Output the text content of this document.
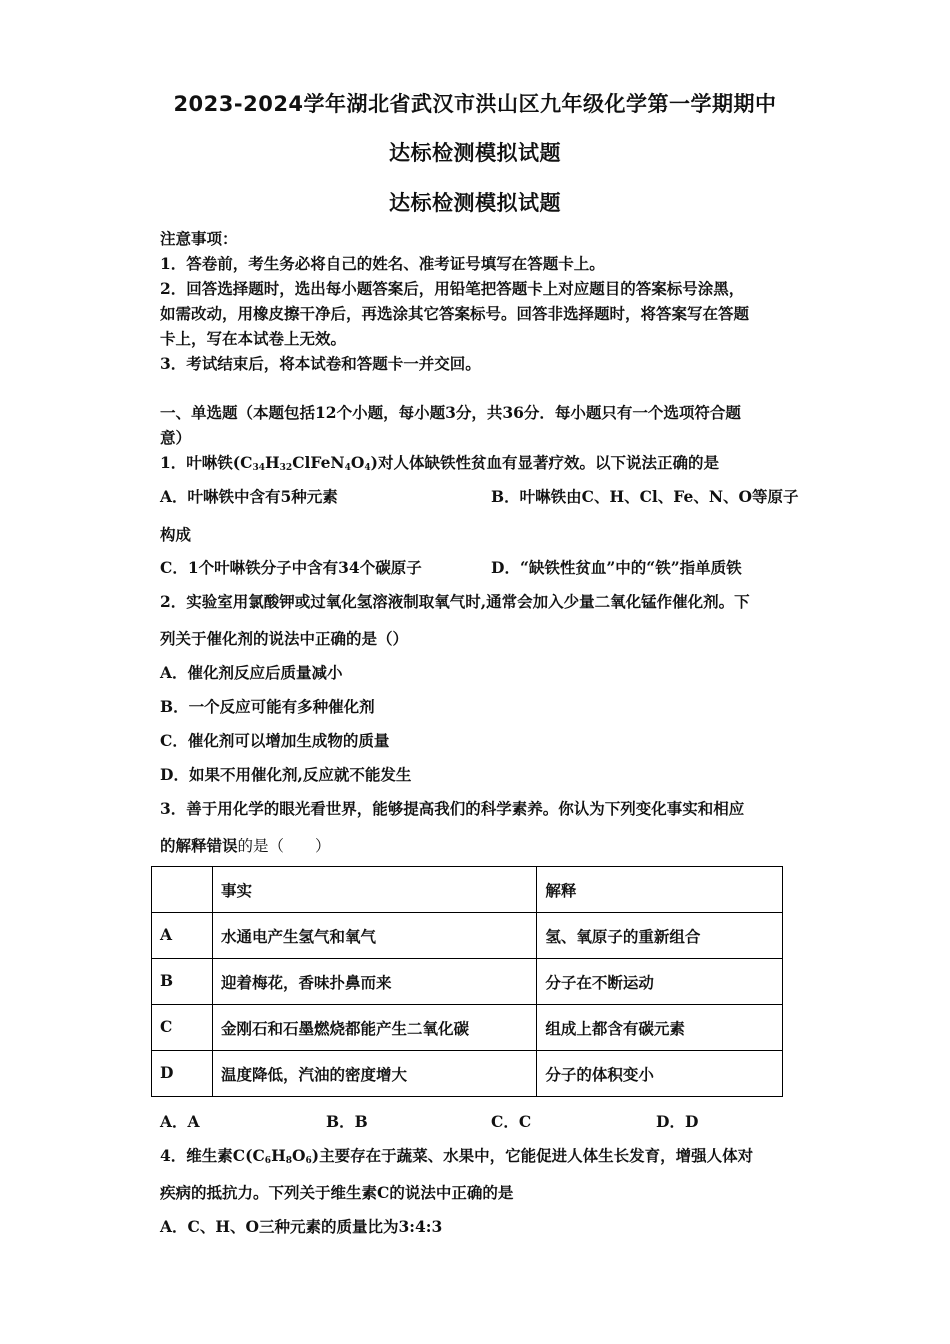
2023-2024学年湖北省武汉市洪山区九年级化学第一学期期中
达标检测模拟试题
达标检测模拟试题
注意事项：
1．答卷前，考生务必将自己的姓名、准考证号填写在答题卡上。
2．回答选择题时，选出每小题答案后，用铅笔把答题卡上对应题目的答案标号涂黑，
如需改动，用橡皮擦干净后，再选涂其它答案标号。回答非选择题时，将答案写在答题
卡上，写在本试卷上无效。
3．考试结束后，将本试卷和答题卡一并交回。
一、单选题（本题包括12个小题，每小题3分，共36分．每小题只有一个选项符合题
意）
1．叶啉铁$(C_{34}H_{32}ClFeN_4O_4)$对人体缺铁性贫血有显著疗效。以下说法正确的是
A．叶啉铁中含有5种元素	B．叶啉铁由C、H、Cl、Fe、N、O等原子
构成
C．1个叶啉铁分子中含有34个碳原子	D．“缺铁性贫血”中的“铁”指单质铁
2．实验室用氯酸钾或过氧化氢溶液制取氧气时,通常会加入少量二氧化锰作催化剂。下
列关于催化剂的说法中正确的是（）
A．催化剂反应后质量减小
B．一个反应可能有多种催化剂
C．催化剂可以增加生成物的质量
D．如果不用催化剂,反应就不能发生
3．善于用化学的眼光看世界，能够提高我们的科学素养。你认为下列变化事实和相应
的解释错误的是（　　）
	事实	解释
A	水通电产生氢气和氧气	氢、氧原子的重新组合
B	迎着梅花，香味扑鼻而来	分子在不断运动
C	金刚石和石墨燃烧都能产生二氧化碳	组成上都含有碳元素
D	温度降低，汽油的密度增大	分子的体积变小
A．A	B．B	C．C	D．D
4．维生素$C(C_6H_8O_6)$主要存在于蔬菜、水果中，它能促进人体生长发育，增强人体对
疾病的抵抗力。下列关于维生素C的说法中正确的是
A．C、H、O三种元素的质量比为3:4:3
